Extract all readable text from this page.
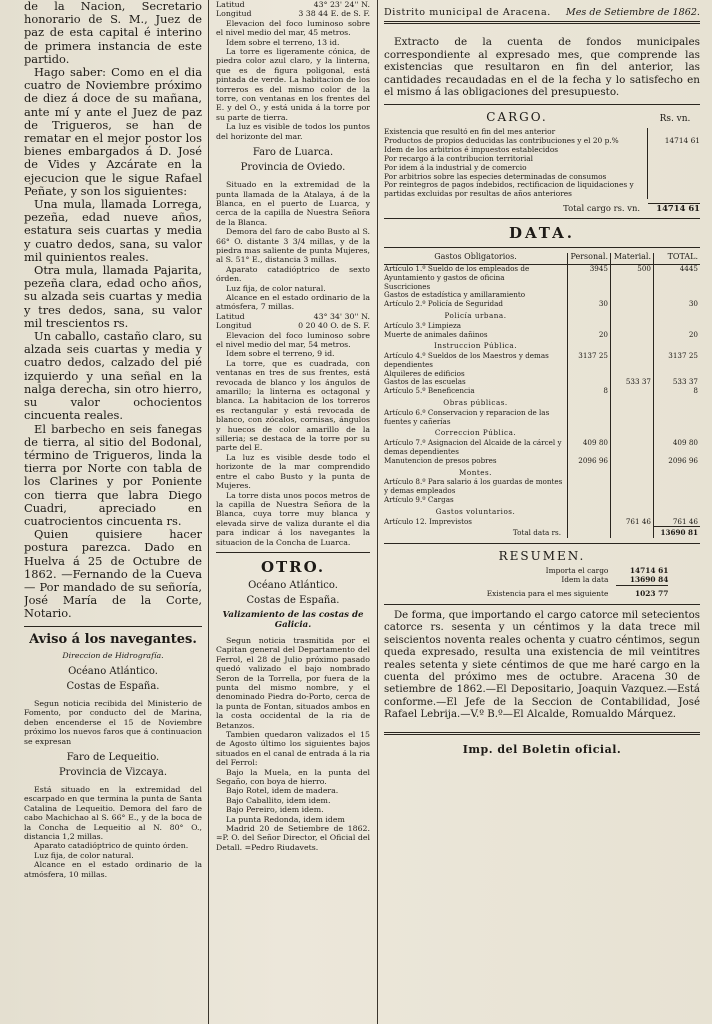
de la Nacion, Secretario honorario de S. M., Juez de paz de esta capital é interino de primera instancia de este partido.

Hago saber: Como en el dia cuatro de Noviembre próximo de diez á doce de su mañana, ante mí y ante el Juez de paz de Trigueros, se han de rematar en el mejor postor los bienes embargados á D. José de Vides y Azcárate en la ejecucion que le sigue Rafael Peñate, y son los siguientes:

Una mula, llamada Lorrega, pezeña, edad nueve años, estatura seis cuartas y media y cuatro dedos, sana, su valor mil quinientos reales.

Otra mula, llamada Pajarita, pezeña clara, edad ocho años, su alzada seis cuartas y media y tres dedos, sana, su valor mil trescientos rs.

Un caballo, castaño claro, su alzada seis cuartas y media y cuatro dedos, calzado del pié izquierdo y una señal en la nalga derecha, sin otro hierro, su valor ochocientos cincuenta reales.

El barbecho en seis fanegas de tierra, al sitio del Bodonal, término de Trigueros, linda la tierra por Norte con tabla de los Clarines y por Poniente con tierra que labra Diego Cuadri, apreciado en cuatrocientos cincuenta rs.

Quien quisiere hacer postura parezca. Dado en Huelva á 25 de Octubre de 1862. —Fernando de la Cueva — Por mandado de su señoría, José María de la Corte, Notario.

Aviso á los navegantes.
Direccion de Hidrografía.
Océano Atlántico.
Costas de España.

Segun noticia recibida del Ministerio de Fomento, por conducto del de Marina, deben encenderse el 15 de Noviembre próximo los nuevos faros que á continuacion se expresan

Faro de Lequeitio.
Provincia de Vizcaya.

Está situado en la extremidad del escarpado en que termina la punta de Santa Catalina de Lequeitio. Demora del faro de cabo Machichao al S. 66° E., y de la boca de la Concha de Lequeitio al N. 80° O., distancia 1,2 millas.

Aparato catadióptrico de quinto órden.

Luz fija, de color natural.

Alcance en el estado ordinario de la atmósfera, 10 millas.

Latitud	43° 23' 24'' N.
Longitud	3 38 44 E. de S. F.

Elevacion del foco luminoso sobre el nivel medio del mar, 45 metros.

Idem sobre el terreno, 13 id.

La torre es ligeramente cónica, de piedra color azul claro, y la linterna, que es de figura poligonal, está pintada de verde. La habitacion de los torreros es del mismo color de la torre, con ventanas en los frentes del E. y del O., y está unida á la torre por su parte de tierra.

La luz es visible de todos los puntos del horizonte del mar.

Faro de Luarca.
Provincia de Oviedo.

Situado en la extremidad de la punta llamada de la Atalaya, á de la Blanca, en el puerto de Luarca, y cerca de la capilla de Nuestra Señora de la Blanca.

Demora del faro de cabo Busto al S. 66° O. distante 3 3/4 millas, y de la piedra mas saliente de punta Mujeres, al S. 51° E., distancia 3 millas.

Aparato catadióptrico de sexto órden.

Luz fija, de color natural.

Alcance en el estado ordinario de la atmósfera, 7 millas.

Latitud	43° 34' 30'' N.
Longitud	0 20 40 O. de S. F.

Elevacion del foco luminoso sobre el nivel medio del mar, 54 metros.

Idem sobre el terreno, 9 id.

La torre, que es cuadrada, con ventanas en tres de sus frentes, está revocada de blanco y los ángulos de amarillo; la linterna es octagonal y blanca. La habitacion de los torreros es rectangular y está revocada de blanco, con zócalos, cornisas, ángulos y huecos de color amarillo de la silleria; se destaca de la torre por su parte del E.

La luz es visible desde todo el horizonte de la mar comprendido entre el cabo Busto y la punta de Mujeres.

La torre dista unos pocos metros de la capilla de Nuestra Señora de la Blanca, cuya torre muy blanca y elevada sirve de valiza durante el dia para indicar á los navegantes la situacion de la Concha de Luarca.

OTRO.
Océano Atlántico.
Costas de España.
Valizamiento de las costas de Galicia.

Segun noticia trasmitida por el Capitan general del Departamento del Ferrol, el 28 de Julio próximo pasado quedó valizado el bajo nombrado Seron de la Torrella, por fuera de la punta del mismo nombre, y el denominado Piedra do-Porto, cerca de la punta de Fontan, situados ambos en la costa occidental de la ria de Betanzos.

Tambien quedaron valizados el 15 de Agosto último los siguientes bajos situados en el canal de entrada á la ria del Ferrol:

Bajo la Muela, en la punta del Segaño, con boya de hierro.

Bajo Rotel, idem de madera.

Bajo Caballito, idem idem.

Bajo Pereiro, idem idem.

La punta Redonda, idem idem

Madrid 20 de Setiembre de 1862. =P. O. del Señor Director, el Oficial del Detall. =Pedro Riudavets.

Distrito municipal de Aracena. Mes de Setiembre de 1862.

Extracto de la cuenta de fondos municipales correspondiente al expresado mes, que comprende las existencias que resultaron en fin del anterior, las cantidades recaudadas en el de la fecha y lo satisfecho en el mismo á las obligaciones del presupuesto.

CARGO.	Rs. vn.
Existencia que resultó en fin del mes anterior	
Productos de propios deducidas las contribuciones y el 20 p.%	14714 61
Idem de los arbitrios é impuestos establecidos	
Por recargo á la contribucion territorial	
Por idem á la industrial y de comercio	
Por arbitrios sobre las especies determinadas de consumos	
Por reintegros de pagos indebidos, rectificacion de liquidaciones y partidas excluidas por resultas de años anteriores	
Total cargo rs. vn.	14714 61
DATA.
Gastos Obligatorios.	Personal.	Material.	TOTAL.
Artículo 1.º Sueldo de los empleados de Ayuntamiento y gastos de oficina	3945	500	4445
Suscriciones			
Gastos de estadística y amillaramiento			
Artículo 2.º Policía de Seguridad	30		30
Policía urbana.			
Artículo 3.º Limpieza			
Muerte de animales dañinos	20		20
Instruccion Pública.			
Artículo 4.º Sueldos de los Maestros y demas dependientes	3137 25		3137 25
Alquileres de edificios			
Gastos de las escuelas		533 37	533 37
Artículo 5.º Beneficencia	8		8
Obras públicas.			
Artículo 6.º Conservacion y reparacion de las fuentes y cañerías			
Correccion Pública.			
Artículo 7.º Asignacion del Alcaide de la cárcel y demas dependientes	409 80		409 80
Manutencion de presos pobres	2096 96		2096 96
Montes.			
Artículo 8.º Para salario á los guardas de montes y demas empleados			
Artículo 9.º Cargas			
Gastos voluntarios.			
Artículo 12. Imprevistos		761 46	761 46
Total data rs.			13690 81
RESUMEN.
Importa el cargo	14714 61
Idem la data	13690 84
Existencia para el mes siguiente	1023 77

De forma, que importando el cargo catorce mil setecientos catorce rs. sesenta y un céntimos y la data trece mil seiscientos noventa reales ochenta y cuatro céntimos, segun queda expresado, resulta una existencia de mil veintitres reales setenta y siete céntimos de que me haré cargo en la cuenta del próximo mes de octubre. Aracena 30 de setiembre de 1862.—El Depositario, Joaquin Vazquez.—Está conforme.—El Jefe de la Seccion de Contabilidad, José Rafael Lebrija.—V.º B.º—El Alcalde, Romualdo Márquez.

Imp. del Boletin oficial.
